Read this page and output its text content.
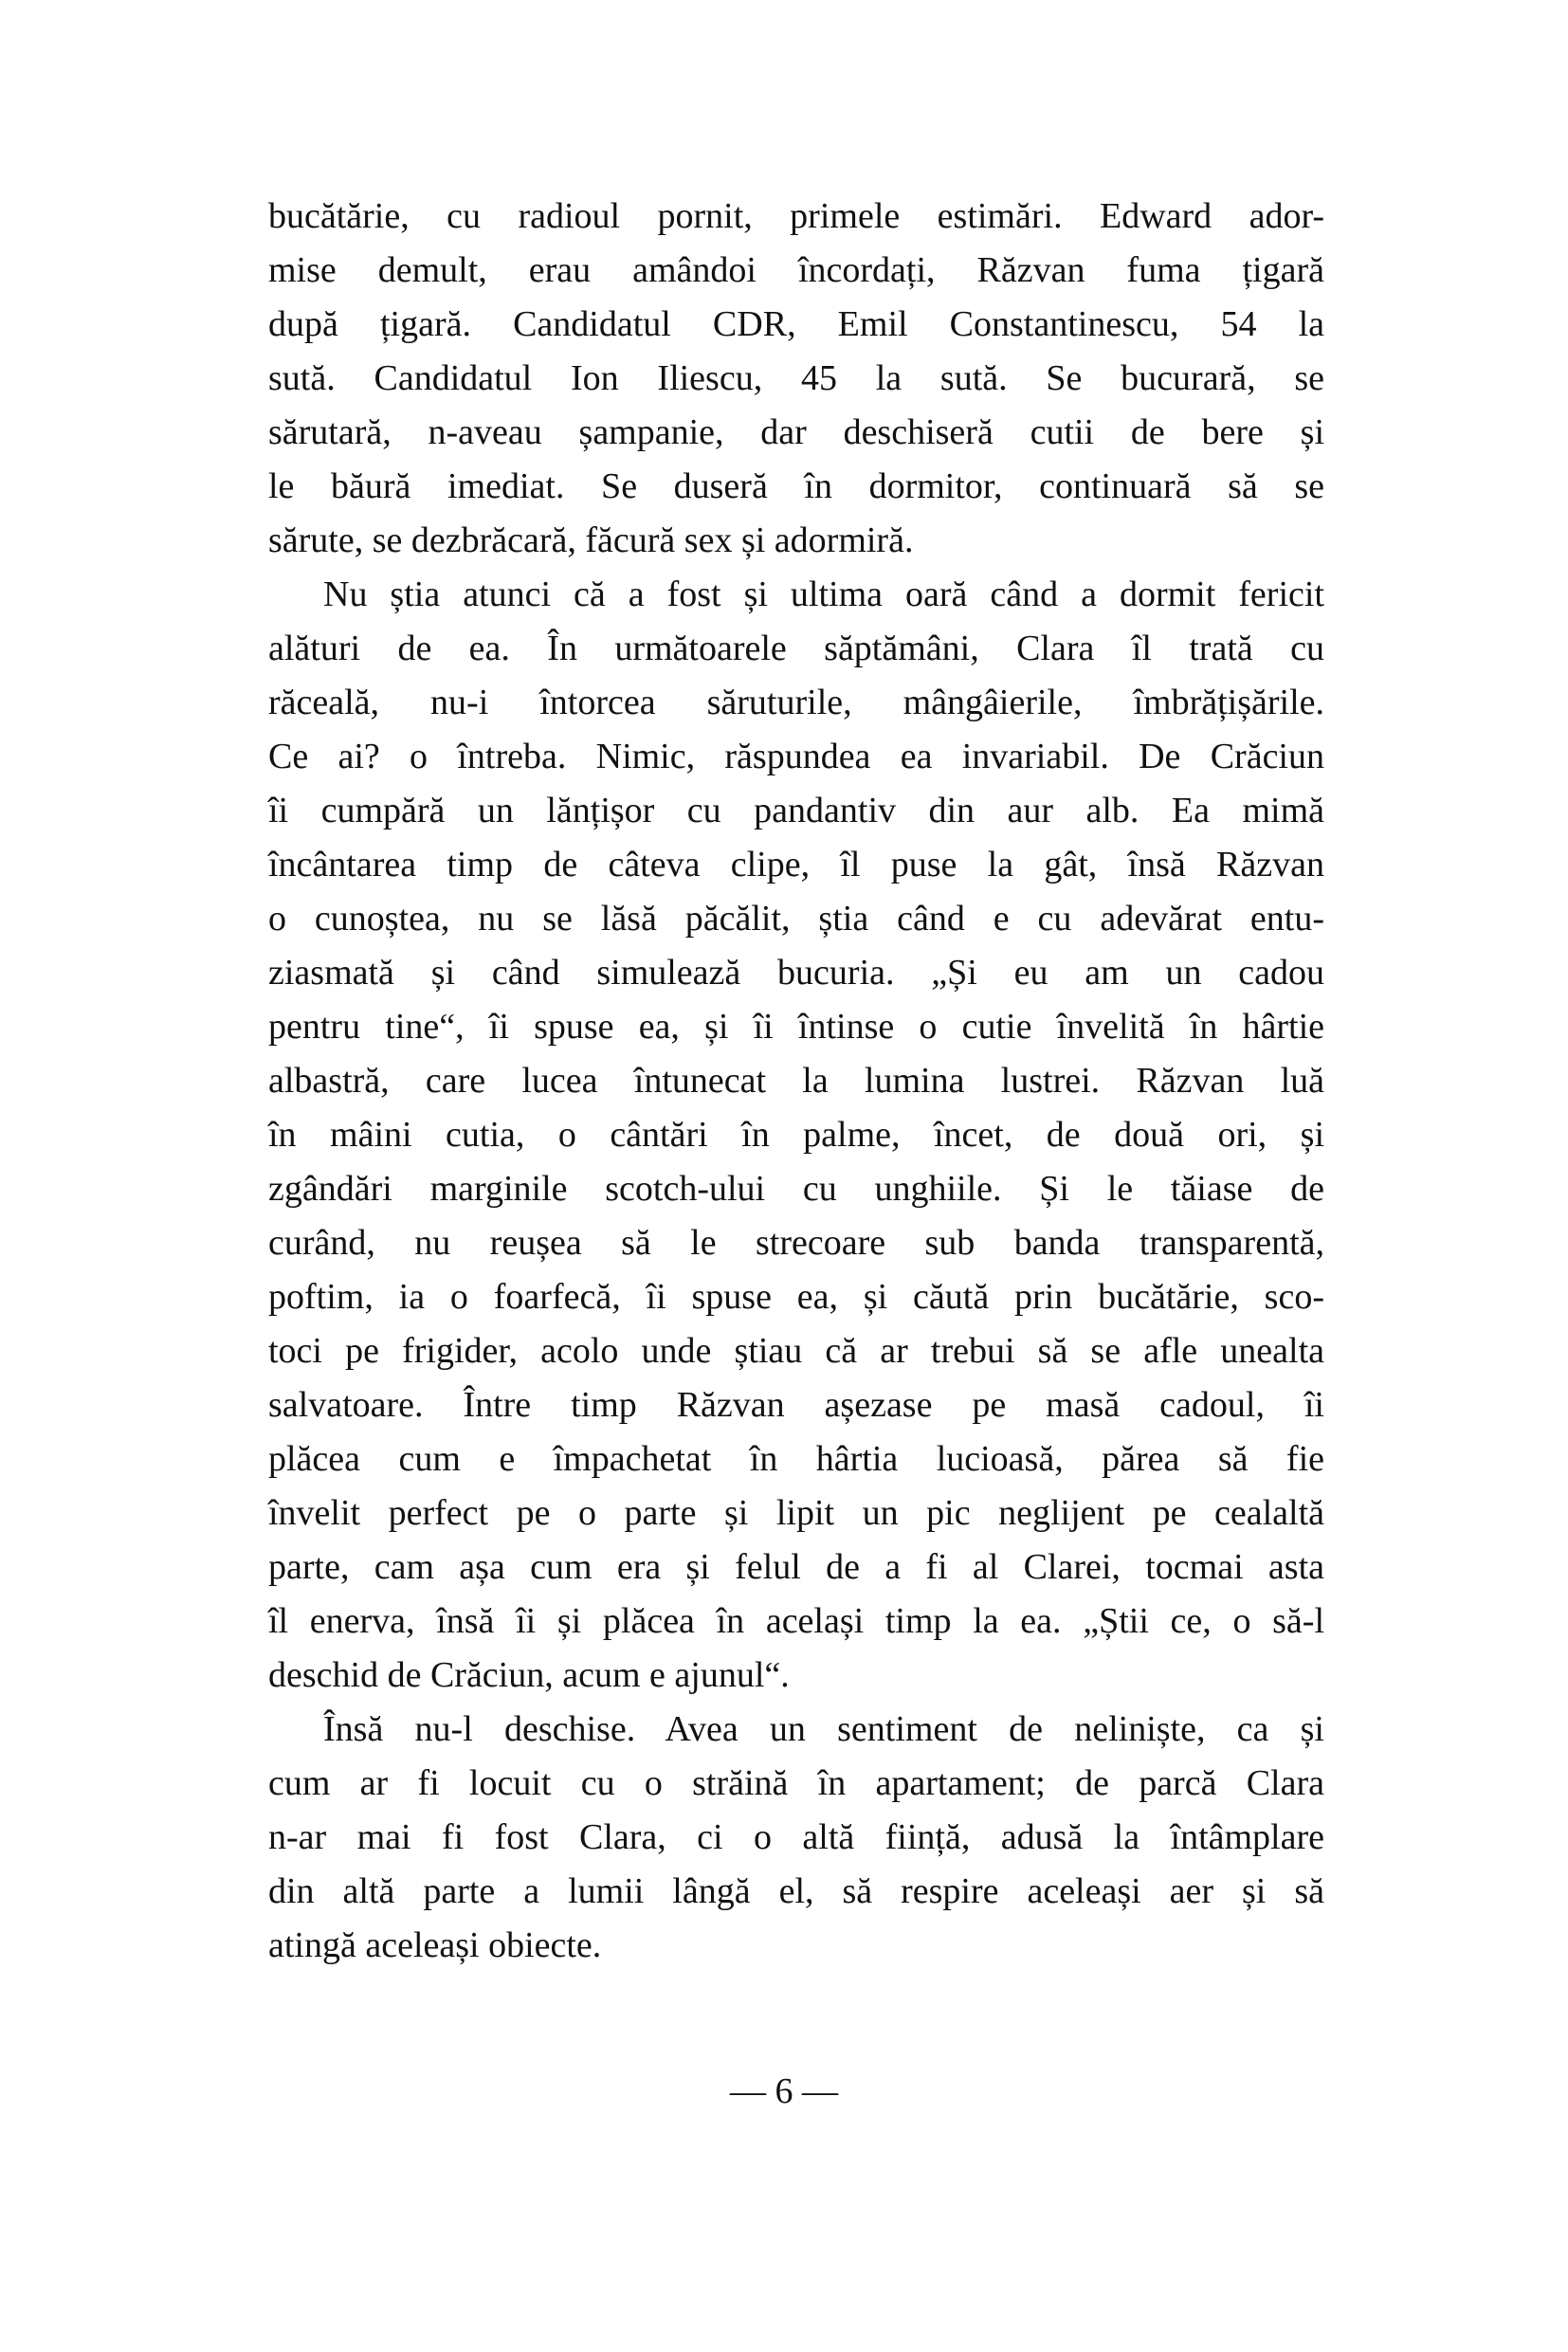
bucătărie, cu radioul pornit, primele estimări. Edward ador-
mise demult, erau amândoi încordați, Răzvan fuma țigară
după țigară. Candidatul CDR, Emil Constantinescu, 54 la
sută. Candidatul Ion Iliescu, 45 la sută. Se bucurară, se
sărutară, n-aveau șampanie, dar deschiseră cutii de bere și
le băură imediat. Se duseră în dormitor, continuară să se
sărute, se dezbrăcară, făcură sex și adormiră.
Nu știa atunci că a fost și ultima oară când a dormit fericit
alături de ea. În următoarele săptămâni, Clara îl trată cu
răceală, nu-i întorcea săruturile, mângâierile, îmbrățișările.
Ce ai? o întreba. Nimic, răspundea ea invariabil. De Crăciun
îi cumpără un lănțișor cu pandantiv din aur alb. Ea mimă
încântarea timp de câteva clipe, îl puse la gât, însă Răzvan
o cunoștea, nu se lăsă păcălit, știa când e cu adevărat entu-
ziasmată și când simulează bucuria. „Și eu am un cadou
pentru tine“, îi spuse ea, și îi întinse o cutie învelită în hârtie
albastră, care lucea întunecat la lumina lustrei. Răzvan luă
în mâini cutia, o cântări în palme, încet, de două ori, și
zgândări marginile scotch-ului cu unghiile. Și le tăiase de
curând, nu reușea să le strecoare sub banda transparentă,
poftim, ia o foarfecă, îi spuse ea, și căută prin bucătărie, sco-
toci pe frigider, acolo unde știau că ar trebui să se afle unealta
salvatoare. Între timp Răzvan așezase pe masă cadoul, îi
plăcea cum e împachetat în hârtia lucioasă, părea să fie
învelit perfect pe o parte și lipit un pic neglijent pe cealaltă
parte, cam așa cum era și felul de a fi al Clarei, tocmai asta
îl enerva, însă îi și plăcea în același timp la ea. „Știi ce, o să-l
deschid de Crăciun, acum e ajunul“.
Însă nu-l deschise. Avea un sentiment de neliniște, ca și
cum ar fi locuit cu o străină în apartament; de parcă Clara
n-ar mai fi fost Clara, ci o altă ființă, adusă la întâmplare
din altă parte a lumii lângă el, să respire aceleași aer și să
atingă aceleași obiecte.
— 6 —
